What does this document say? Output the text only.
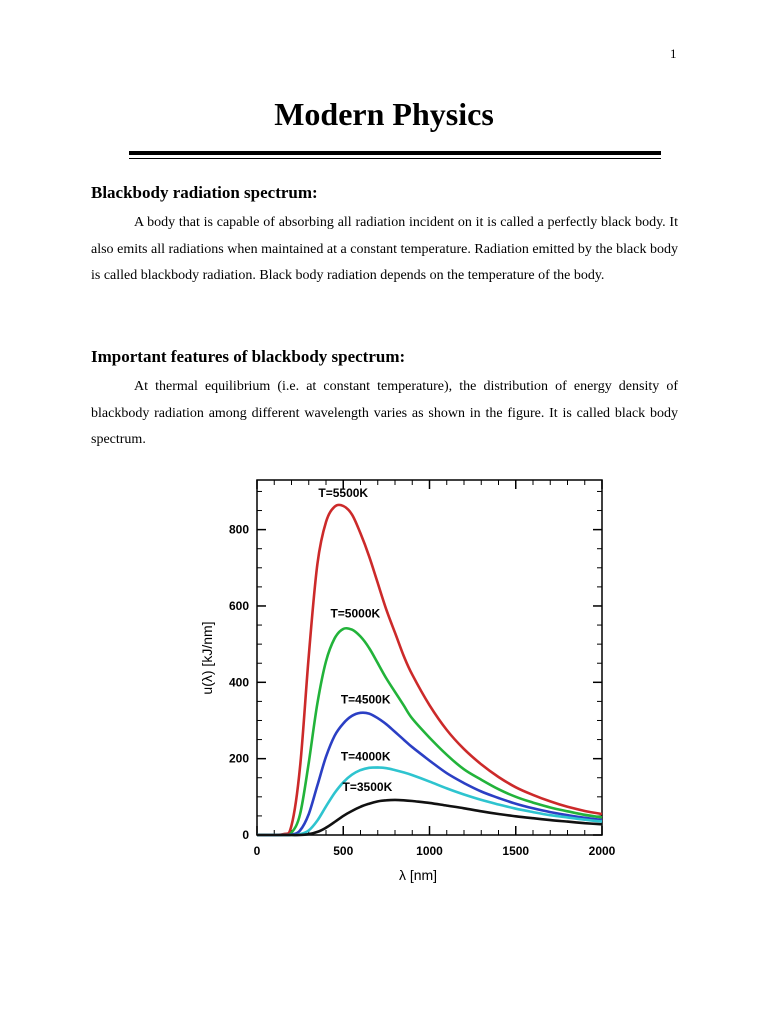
1
Modern Physics
Blackbody radiation spectrum:

A body that is capable of absorbing all radiation incident on it is called a perfectly black body. It also emits all radiations when maintained at a constant temperature. Radiation emitted by the black body is called blackbody radiation. Black body radiation depends on the temperature of the body.

Important features of blackbody spectrum:

At thermal equilibrium (i.e. at constant temperature), the distribution of energy density of blackbody radiation among different wavelength varies as shown in the figure. It is called black body spectrum.

0	500	1000	1500	2000
0
200
400
600
800
T=5500K
T=5000K
T=4500K
T=4000K
T=3500K
λ [nm]
u(λ) [kJ/nm]
